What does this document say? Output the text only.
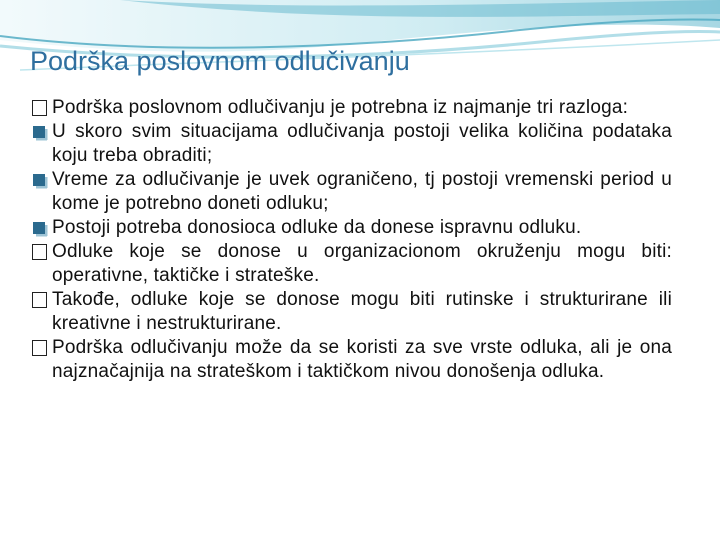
Podrška poslovnom odlučivanju
Podrška poslovnom odlučivanju je potrebna iz najmanje tri razloga:
U skoro svim situacijama odlučivanja postoji velika količina podataka koju treba obraditi;
Vreme za odlučivanje je uvek ograničeno, tj postoji vremenski period u kome je potrebno doneti odluku;
Postoji potreba donosioca odluke da donese ispravnu odluku.
Odluke koje se donose u organizacionom okruženju mogu biti: operativne, taktičke i strateške.
Takođe, odluke koje se donose mogu biti rutinske i strukturirane ili kreativne i nestrukturirane.
Podrška odlučivanju može da se koristi za sve vrste odluka, ali je ona najznačajnija na strateškom i taktičkom nivou donošenja odluka.
